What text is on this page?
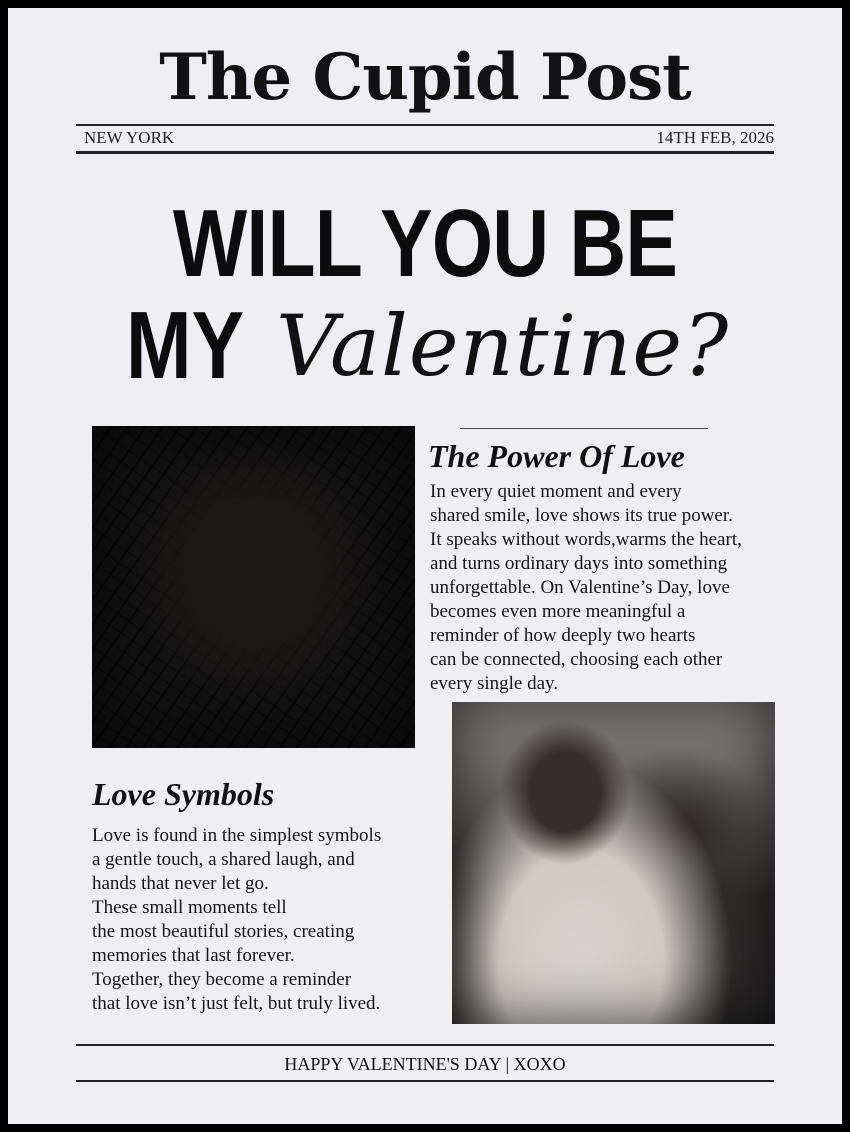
The Cupid Post
NEW YORK	14TH FEB, 2026
WILL YOU BE
MY Valentine?
The Power Of Love
In every quiet moment and every
shared smile, love shows its true power.
It speaks without words,warms the heart,
and turns ordinary days into something
unforgettable. On Valentine’s Day, love
becomes even more meaningful a
reminder of how deeply two hearts
can be connected, choosing each other
every single day.
Love Symbols
Love is found in the simplest symbols
a gentle touch, a shared laugh, and
hands that never let go.
These small moments tell
the most beautiful stories, creating
memories that last forever.
Together, they become a reminder
that love isn’t just felt, but truly lived.
HAPPY VALENTINE'S DAY | XOXO
